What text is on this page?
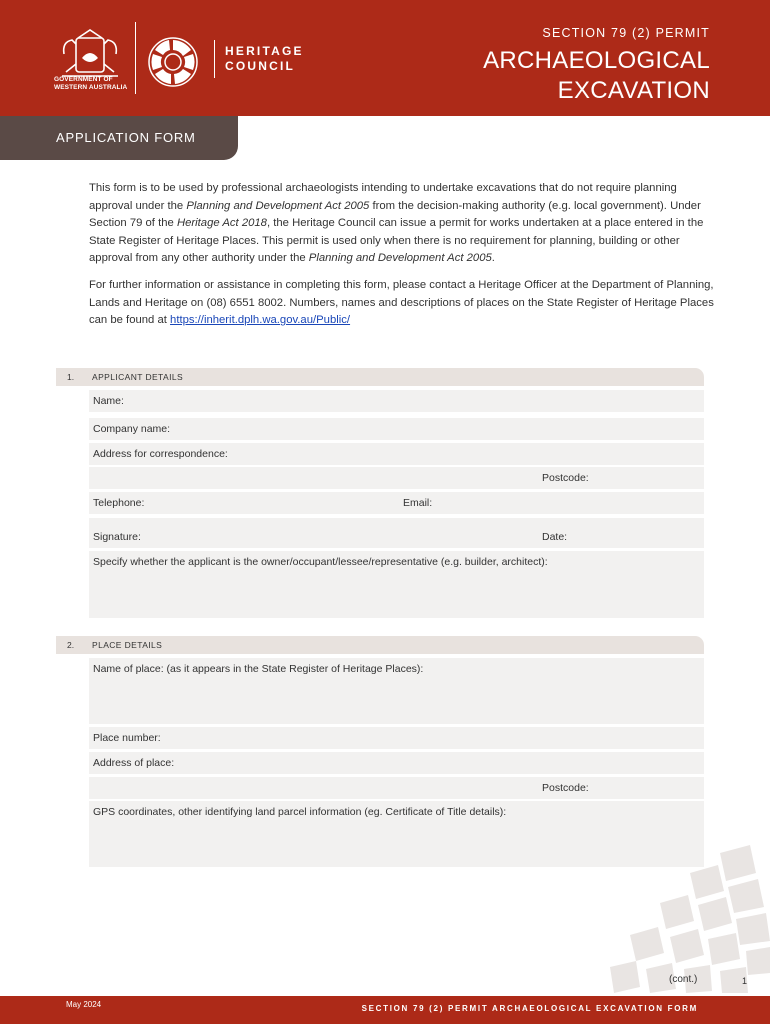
GOVERNMENT OF
WESTERN AUSTRALIA
HERITAGE
COUNCIL
SECTION 79 (2) PERMIT
ARCHAEOLOGICAL
EXCAVATION
APPLICATION FORM

This form is to be used by professional archaeologists intending to undertake excavations that do not require planning approval under the Planning and Development Act 2005 from the decision-making authority (e.g. local government). Under Section 79 of the Heritage Act 2018, the Heritage Council can issue a permit for works undertaken at a place entered in the State Register of Heritage Places. This permit is used only when there is no requirement for planning, building or other approval from any other authority under the Planning and Development Act 2005.

For further information or assistance in completing this form, please contact a Heritage Officer at the Department of Planning, Lands and Heritage on (08) 6551 8002. Numbers, names and descriptions of places on the State Register of Heritage Places can be found at https://inherit.dplh.wa.gov.au/Public/

1. APPLICANT DETAILS
Name:
Company name:
Address for correspondence:
Postcode:
Telephone:	Email:
Signature:	Date:
Specify whether the applicant is the owner/occupant/lessee/representative (e.g. builder, architect):
2. PLACE DETAILS
Name of place: (as it appears in the State Register of Heritage Places):
Place number:
Address of place:
Postcode:
GPS coordinates, other identifying land parcel information (eg. Certificate of Title details):
(cont.)	1
May 2024	SECTION 79 (2) PERMIT ARCHAEOLOGICAL EXCAVATION FORM
